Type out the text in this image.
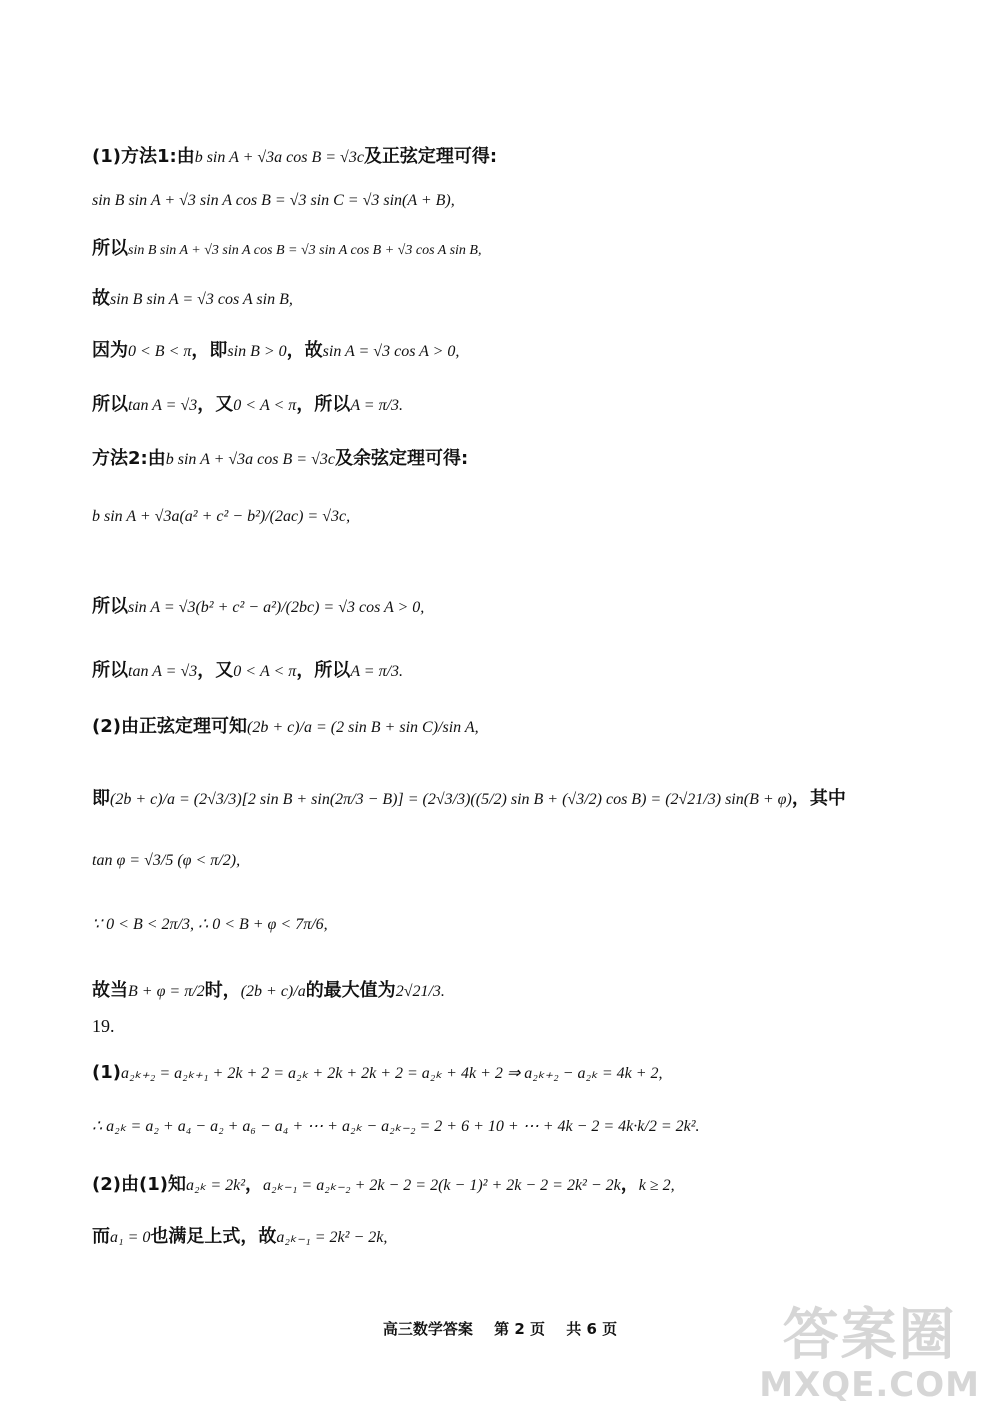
(1)方法1:由b sin A + √3a cos B = √3c及正弦定理可得:
sin B sin A + √3 sin A cos B = √3 sin C = √3 sin(A + B),
所以sin B sin A + √3 sin A cos B = √3 sin A cos B + √3 cos A sin B,
故sin B sin A = √3 cos A sin B,
因为0 < B < π，即sin B > 0，故sin A = √3 cos A > 0,
所以tan A = √3，又0 < A < π，所以A = π/3.
方法2:由b sin A + √3a cos B = √3c及余弦定理可得:
b sin A + √3a(a² + c² − b²)/(2ac) = √3c,
所以sin A = √3(b² + c² − a²)/(2bc) = √3 cos A > 0,
所以tan A = √3，又0 < A < π，所以A = π/3.
(2)由正弦定理可知(2b + c)/a = (2 sin B + sin C)/sin A,
即(2b + c)/a = (2√3/3)[2 sin B + sin(2π/3 − B)] = (2√3/3)((5/2) sin B + (√3/2) cos B) = (2√21/3) sin(B + φ)，其中
tan φ = √3/5 (φ < π/2),
∵ 0 < B < 2π/3, ∴ 0 < B + φ < 7π/6,
故当B + φ = π/2时，(2b + c)/a的最大值为2√21/3.
19.
(1)a₂ₖ₊₂ = a₂ₖ₊₁ + 2k + 2 = a₂ₖ + 2k + 2k + 2 = a₂ₖ + 4k + 2 ⇒ a₂ₖ₊₂ − a₂ₖ = 4k + 2,
∴ a₂ₖ = a₂ + a₄ − a₂ + a₆ − a₄ + ⋯ + a₂ₖ − a₂ₖ₋₂ = 2 + 6 + 10 + ⋯ + 4k − 2 = 4k·k/2 = 2k².
(2)由(1)知a₂ₖ = 2k²，a₂ₖ₋₁ = a₂ₖ₋₂ + 2k − 2 = 2(k − 1)² + 2k − 2 = 2k² − 2k，k ≥ 2,
而a₁ = 0也满足上式，故a₂ₖ₋₁ = 2k² − 2k,
高三数学答案 第 2 页 共 6 页	答案圈
MXQE.COM
